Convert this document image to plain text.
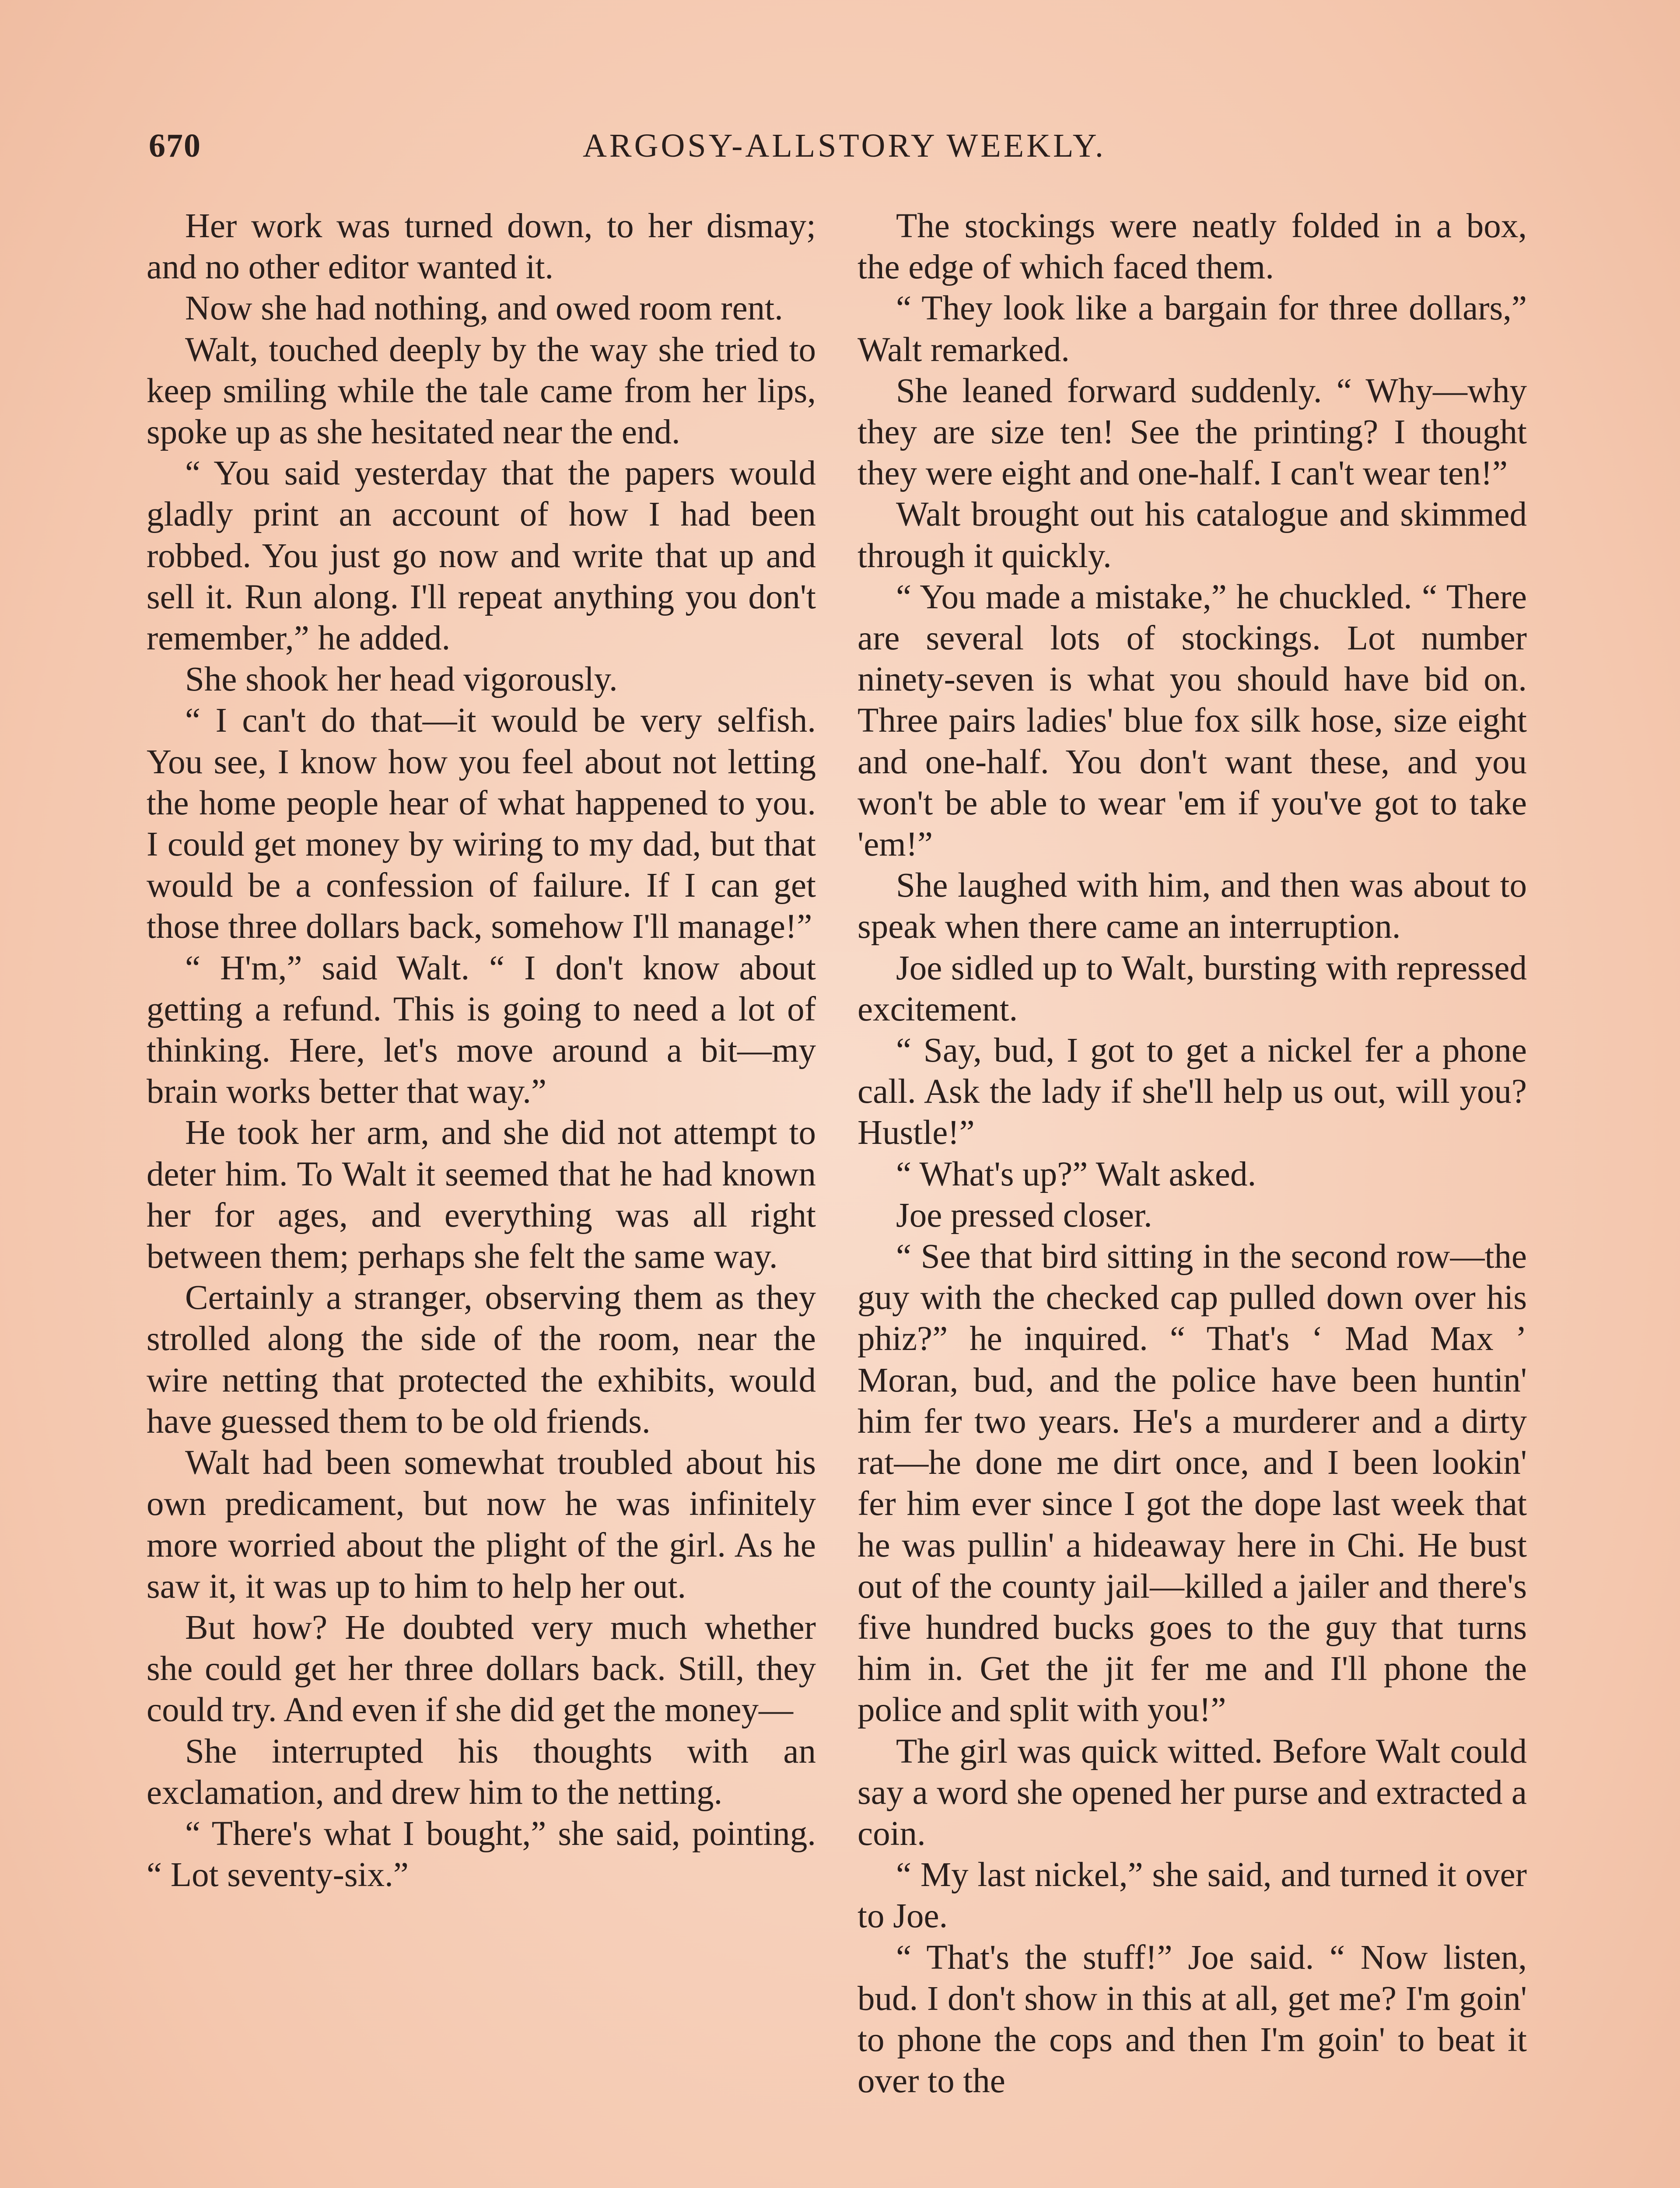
670	ARGOSY-ALLSTORY WEEKLY.

Her work was turned down, to her dismay; and no other editor wanted it.

Now she had nothing, and owed room rent.

Walt, touched deeply by the way she tried to keep smiling while the tale came from her lips, spoke up as she hesitated near the end.

“ You said yesterday that the papers would gladly print an account of how I had been robbed. You just go now and write that up and sell it. Run along. I'll repeat anything you don't remember,” he added.

She shook her head vigorously.

“ I can't do that—it would be very selfish. You see, I know how you feel about not letting the home people hear of what happened to you. I could get money by wiring to my dad, but that would be a confession of failure. If I can get those three dollars back, somehow I'll manage!”

“ H'm,” said Walt. “ I don't know about getting a refund. This is going to need a lot of thinking. Here, let's move around a bit—my brain works better that way.”

He took her arm, and she did not attempt to deter him. To Walt it seemed that he had known her for ages, and everything was all right between them; perhaps she felt the same way.

Certainly a stranger, observing them as they strolled along the side of the room, near the wire netting that protected the exhibits, would have guessed them to be old friends.

Walt had been somewhat troubled about his own predicament, but now he was infinitely more worried about the plight of the girl. As he saw it, it was up to him to help her out.

But how? He doubted very much whether she could get her three dollars back. Still, they could try. And even if she did get the money—

She interrupted his thoughts with an exclamation, and drew him to the netting.

“ There's what I bought,” she said, pointing. “ Lot seventy-six.”

The stockings were neatly folded in a box, the edge of which faced them.

“ They look like a bargain for three dollars,” Walt remarked.

She leaned forward suddenly. “ Why—why they are size ten! See the printing? I thought they were eight and one-half. I can't wear ten!”

Walt brought out his catalogue and skimmed through it quickly.

“ You made a mistake,” he chuckled. “ There are several lots of stockings. Lot number ninety-seven is what you should have bid on. Three pairs ladies' blue fox silk hose, size eight and one-half. You don't want these, and you won't be able to wear 'em if you've got to take 'em!”

She laughed with him, and then was about to speak when there came an interruption.

Joe sidled up to Walt, bursting with repressed excitement.

“ Say, bud, I got to get a nickel fer a phone call. Ask the lady if she'll help us out, will you? Hustle!”

“ What's up?” Walt asked.

Joe pressed closer.

“ See that bird sitting in the second row—the guy with the checked cap pulled down over his phiz?” he inquired. “ That's ‘ Mad Max ’ Moran, bud, and the police have been huntin' him fer two years. He's a murderer and a dirty rat—he done me dirt once, and I been lookin' fer him ever since I got the dope last week that he was pullin' a hideaway here in Chi. He bust out of the county jail—killed a jailer and there's five hundred bucks goes to the guy that turns him in. Get the jit fer me and I'll phone the police and split with you!”

The girl was quick witted. Before Walt could say a word she opened her purse and extracted a coin.

“ My last nickel,” she said, and turned it over to Joe.

“ That's the stuff!” Joe said. “ Now listen, bud. I don't show in this at all, get me? I'm goin' to phone the cops and then I'm goin' to beat it over to the
